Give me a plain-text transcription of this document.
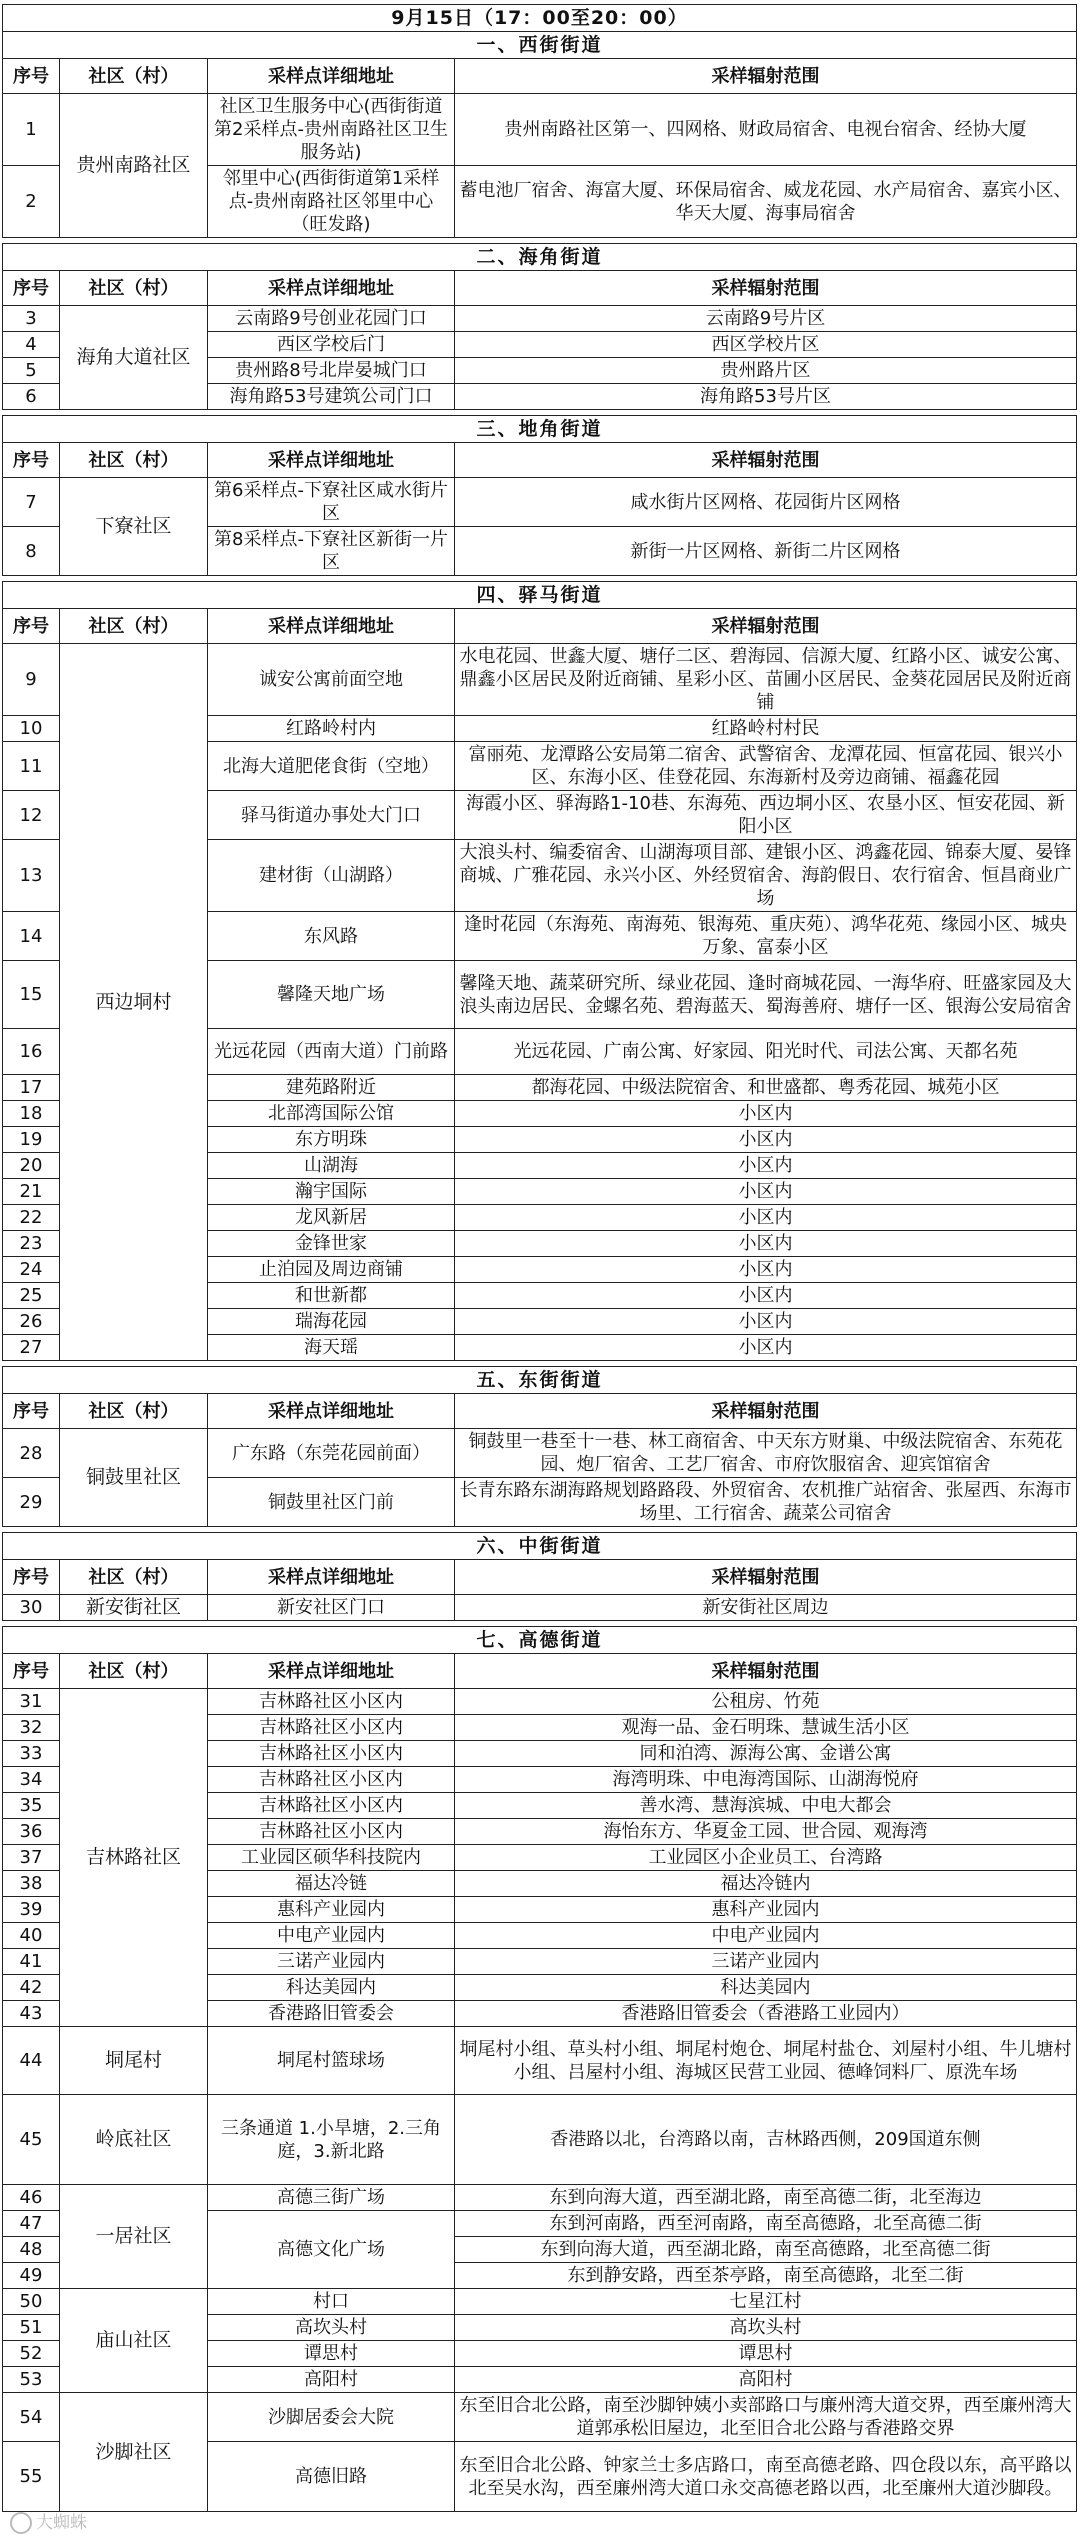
9月15日（17：00至20：00）			
一、西街街道			
序号	社区（村）	采样点详细地址	采样辐射范围
1	贵州南路社区	社区卫生服务中心(西街街道第2采样点-贵州南路社区卫生服务站)	贵州南路社区第一、四网格、财政局宿舍、电视台宿舍、经协大厦
2		邻里中心(西街街道第1采样点-贵州南路社区邻里中心（旺发路)	蓄电池厂宿舍、海富大厦、环保局宿舍、威龙花园、水产局宿舍、嘉宾小区、华天大厦、海事局宿舍

二、海角街道			
序号	社区（村）	采样点详细地址	采样辐射范围
3	海角大道社区	云南路9号创业花园门口	云南路9号片区
4		西区学校后门	西区学校片区
5		贵州路8号北岸晏城门口	贵州路片区
6		海角路53号建筑公司门口	海角路53号片区

三、地角街道			
序号	社区（村）	采样点详细地址	采样辐射范围
7	下寮社区	第6采样点-下寮社区咸水街片区	咸水街片区网格、花园街片区网格
8		第8采样点-下寮社区新街一片区	新街一片区网格、新街二片区网格

四、驿马街道			
序号	社区（村）	采样点详细地址	采样辐射范围
9	西边垌村	诚安公寓前面空地	水电花园、世鑫大厦、塘仔二区、碧海园、信源大厦、红路小区、诚安公寓、鼎鑫小区居民及附近商铺、星彩小区、苗圃小区居民、金葵花园居民及附近商铺
10		红路岭村内	红路岭村村民
11		北海大道肥佬食街（空地）	富丽苑、龙潭路公安局第二宿舍、武警宿舍、龙潭花园、恒富花园、银兴小区、东海小区、佳登花园、东海新村及旁边商铺、福鑫花园
12		驿马街道办事处大门口	海霞小区、驿海路1-10巷、东海苑、西边垌小区、农垦小区、恒安花园、新阳小区
13		建材街（山湖路）	大浪头村、编委宿舍、山湖海项目部、建银小区、鸿鑫花园、锦泰大厦、晏锋商城、广雅花园、永兴小区、外经贸宿舍、海韵假日、农行宿舍、恒昌商业广场
14		东风路	逢时花园（东海苑、南海苑、银海苑、重庆苑）、鸿华花苑、缘园小区、城央万象、富泰小区
15		馨隆天地广场	馨隆天地、蔬菜研究所、绿业花园、逢时商城花园、一海华府、旺盛家园及大浪头南边居民、金螺名苑、碧海蓝天、蜀海善府、塘仔一区、银海公安局宿舍
16		光远花园（西南大道）门前路	光远花园、广南公寓、好家园、阳光时代、司法公寓、天都名苑
17		建苑路附近	都海花园、中级法院宿舍、和世盛都、粤秀花园、城苑小区
18		北部湾国际公馆	小区内
19		东方明珠	小区内
20		山湖海	小区内
21		瀚宇国际	小区内
22		龙风新居	小区内
23		金锋世家	小区内
24		止泊园及周边商铺	小区内
25		和世新都	小区内
26		瑞海花园	小区内
27		海天瑶	小区内

五、东街街道			
序号	社区（村）	采样点详细地址	采样辐射范围
28	铜鼓里社区	广东路（东莞花园前面）	铜鼓里一巷至十一巷、林工商宿舍、中天东方财巢、中级法院宿舍、东苑花园、炮厂宿舍、工艺厂宿舍、市府饮服宿舍、迎宾馆宿舍
29		铜鼓里社区门前	长青东路东湖海路规划路路段、外贸宿舍、农机推广站宿舍、张屋西、东海市场里、工行宿舍、蔬菜公司宿舍

六、中街街道			
序号	社区（村）	采样点详细地址	采样辐射范围
30	新安街社区	新安社区门口	新安街社区周边

七、高德街道			
序号	社区（村）	采样点详细地址	采样辐射范围
31	吉林路社区	吉林路社区小区内	公租房、竹苑
32		吉林路社区小区内	观海一品、金石明珠、慧诚生活小区
33		吉林路社区小区内	同和泊湾、源海公寓、金谱公寓
34		吉林路社区小区内	海湾明珠、中电海湾国际、山湖海悦府
35		吉林路社区小区内	善水湾、慧海滨城、中电大都会
36		吉林路社区小区内	海怡东方、华夏金工园、世合园、观海湾
37		工业园区硕华科技院内	工业园区小企业员工、台湾路
38		福达冷链	福达冷链内
39		惠科产业园内	惠科产业园内
40		中电产业园内	中电产业园内
41		三诺产业园内	三诺产业园内
42		科达美园内	科达美园内
43		香港路旧管委会	香港路旧管委会（香港路工业园内）
44	垌尾村	垌尾村篮球场	垌尾村小组、草头村小组、垌尾村炮仓、垌尾村盐仓、刘屋村小组、牛儿塘村小组、吕屋村小组、海城区民营工业园、德峰饲料厂、原洗车场
45	岭底社区	三条通道 1.小旱塘，2.三角庭，3.新北路	香港路以北，台湾路以南，吉林路西侧，209国道东侧
46	一居社区	高德三街广场	东到向海大道，西至湖北路，南至高德二街，北至海边
47		高德文化广场	东到河南路，西至河南路，南至高德路，北至高德二街
48			东到向海大道，西至湖北路，南至高德路，北至高德二街
49			东到静安路，西至茶亭路，南至高德路，北至二街
50	庙山社区	村口	七星江村
51		高坎头村	高坎头村
52		谭思村	谭思村
53		高阳村	高阳村
54	沙脚社区	沙脚居委会大院	东至旧合北公路，南至沙脚钟姨小卖部路口与廉州湾大道交界，西至廉州湾大道郭承松旧屋边，北至旧合北公路与香港路交界
55		高德旧路	东至旧合北公路、钟家兰士多店路口，南至高德老路、四仓段以东，高平路以北至吴水沟，西至廉州湾大道口永交高德老路以西，北至廉州大道沙脚段。
大蜘蛛
